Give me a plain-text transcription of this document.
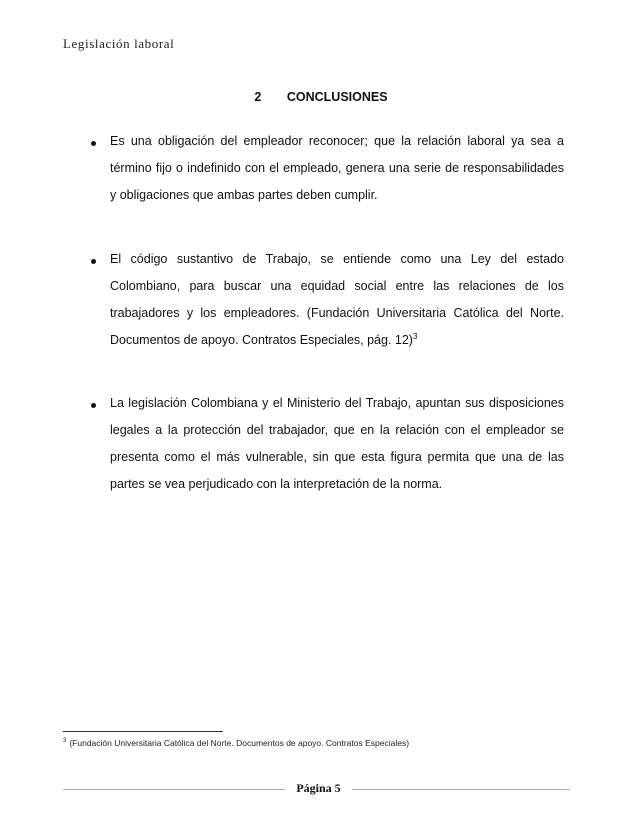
Legislación laboral
2 CONCLUSIONES
Es una obligación del empleador reconocer; que la relación laboral ya sea a término fijo o indefinido con el empleado, genera una serie de responsabilidades y obligaciones que ambas partes deben cumplir.
El código sustantivo de Trabajo, se entiende como una Ley del estado Colombiano, para buscar una equidad social entre las relaciones de los trabajadores y los empleadores. (Fundación Universitaria Católica del Norte. Documentos de apoyo. Contratos Especiales, pág. 12)$^3$
La legislación Colombiana y el Ministerio del Trabajo, apuntan sus disposiciones legales a la protección del trabajador, que en la relación con el empleador se presenta como el más vulnerable, sin que esta figura permita que una de las partes se vea perjudicado con la interpretación de la norma.
$^3$ (Fundación Universitaria Católica del Norte. Documentos de apoyo. Contratos Especiales)
Página 5
